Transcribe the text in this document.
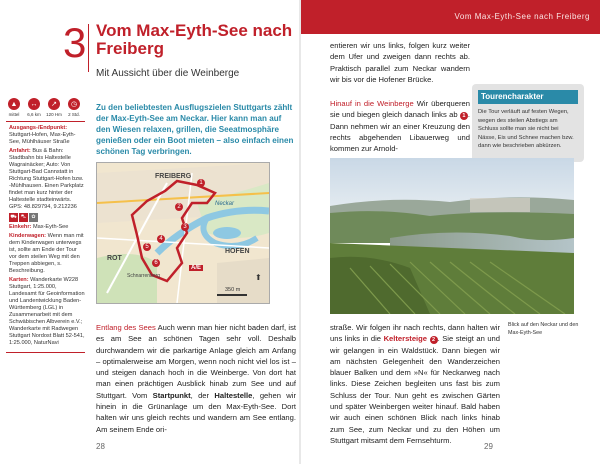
Vom Max-Eyth-See nach Freiberg
3 Vom Max-Eyth-See nach Freiberg
Mit Aussicht über die Weinberge
▲
mittel
↔
6,6 km
↗
120 Hm
◷
2 Std.

Ausgangs-/Endpunkt: Stuttgart-Hofen, Max-Eyth-See, Mühlhäuser Straße

Anfahrt: Bus & Bahn: Stadtbahn bis Haltestelle Wagrainäcker; Auto: Von Stuttgart-Bad Cannstatt in Richtung Stuttgart-Hofen bzw. -Mühlhausen. Einen Parkplatz findet man kurz hinter der Haltestelle stadteinwärts. GPS: 48.829794, 9.212236

⛟ ⛍	✿

Einkehr: Max-Eyth-See

Kinderwagen: Wenn man mit dem Kinderwagen unterwegs ist, sollte am Ende der Tour vor dem steilen Weg mit den Treppen abbiegen, s. Beschreibung.

Karten: Wanderkarte W228 Stuttgart, 1:25.000, Landesamt für Geoinformation und Landentwicklung Baden-Württemberg (LGL) in Zusammenarbeit mit dem Schwäbischen Albverein e.V.; Wanderkarte mit Radwegen Stuttgart Nordost Blatt 52-541, 1:25.000, NaturNavi

Zu den beliebtesten Ausflugszielen Stuttgarts zählt der Max-Eyth-See am Neckar. Hier kann man auf den Wiesen relaxen, grillen, die Seeatmosphäre genießen oder ein Boot mieten – also einfach einen schönen Tag verbringen.
FREIBERG
Neckar
HOFEN
ROT
Schnarrenberg
A/E
350 m
1
2
3
4
5
6
⬆
Entlang des Sees Auch wenn man hier nicht baden darf, ist es am See an schönen Tagen sehr voll. Deshalb durchwandern wir die parkartige Anlage gleich am Anfang – optimalerweise am Morgen, wenn noch nicht viel los ist – und steigen danach hoch in die Weinberge. Von dort hat man einen prächtigen Ausblick hinab zum See und auf Stuttgart. Vom Startpunkt, der Haltestelle, gehen wir hinein in die Grünanlage um den Max-Eyth-See. Dort halten wir uns gleich rechts und wandern am See entlang. Am seinem Ende ori-
28
entieren wir uns links, folgen kurz weiter dem Ufer und zweigen dann rechts ab. Praktisch parallel zum Neckar wandern wir bis vor die Hofener Brücke.
Hinauf in die Weinberge Wir überqueren sie und biegen gleich danach links ab 1 . Dann nehmen wir an einer Kreuzung den rechts abgehenden Libauerweg und kommen zur Arnold-
Tourencharakter
Die Tour verläuft auf festen Wegen, wegen des steilen Abstiegs am Schluss sollte man sie nicht bei Nässe, Eis und Schnee machen bzw. dann wie beschrieben abkürzen.
Blick auf den Neckar und den Max-Eyth-See
straße. Wir folgen ihr nach rechts, dann halten wir uns links in die Keltersteige 2 . Sie steigt an und wir gelangen in ein Waldstück. Dann biegen wir am nächsten Gelegenheit den Wanderzeichen blauer Balken und dem »N« für Neckarweg nach links. Diese Zeichen begleiten uns fast bis zum Schluss der Tour. Nun geht es zwischen Gärten und später Weinbergen weiter hinauf. Bald haben wir auch einen schönen Blick nach links hinab zum See, zum Neckar und zu den Höhen um Stuttgart mitsamt dem Fernsehturm.
29
